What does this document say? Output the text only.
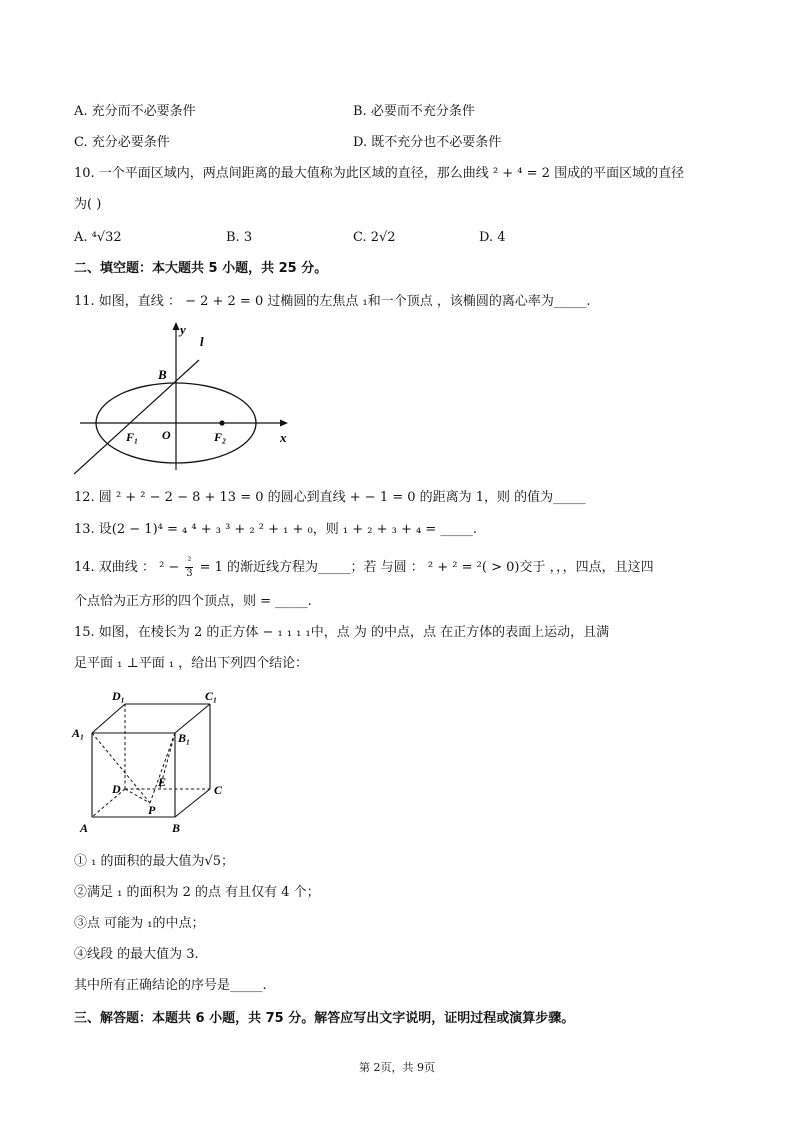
A. 充分而不必要条件	B. 必要而不充分条件
C. 充分必要条件	D. 既不充分也不必要条件
10. 一个平面区域内，两点间距离的最大值称为此区域的直径，那么曲线 ² + ⁴ = 2 围成的平面区域的直径
为( )
A. ⁴√32	B. 3	C. 2√2	D. 4
二、填空题：本大题共 5 小题，共 25 分。
11. 如图，直线 ： − 2 + 2 = 0 过椭圆的左焦点 ₁和一个顶点 ，该椭圆的离心率为_____.
y
l
B
O
F₁	F₂	x
12. 圆 ² + ² − 2 − 8 + 13 = 0 的圆心到直线 + − 1 = 0 的距离为 1，则 的值为_____
13. 设(2 − 1)⁴ = ₄ ⁴ + ₃ ³ + ₂ ² + ₁ + ₀，则 ₁ + ₂ + ₃ + ₄ = _____.
14. 双曲线 ： ² − ²
3 = 1 的渐近线方程为_____；若 与圆 ： ² + ² = ²( > 0)交于 ，，，四点，且这四
个点恰为正方形的四个顶点，则 = _____.
15. 如图，在棱长为 2 的正方体 − ₁ ₁ ₁ ₁中，点 为 的中点，点 在正方体的表面上运动，且满
足平面 ₁ ⊥平面 ₁ ，给出下列四个结论：
D₁	C₁
A₁	B₁
E
D	C
P
A	B
① ₁ 的面积的最大值为√5；
②满足 ₁ 的面积为 2 的点 有且仅有 4 个；
③点 可能为 ₁的中点；
④线段 的最大值为 3.
其中所有正确结论的序号是_____.
三、解答题：本题共 6 小题，共 75 分。解答应写出文字说明，证明过程或演算步骤。
第 2页，共 9页
